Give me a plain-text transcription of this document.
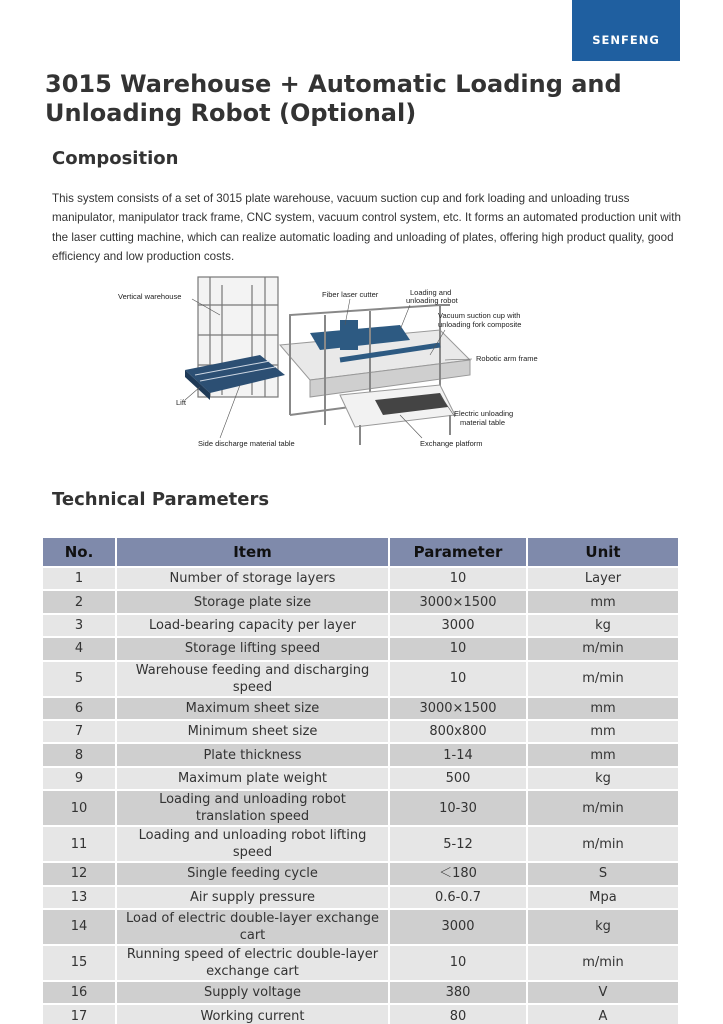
SENFENG
3015 Warehouse + Automatic Loading and Unloading Robot (Optional)
Composition

This system consists of a set of 3015 plate warehouse, vacuum suction cup and fork loading and unloading truss manipulator, manipulator track frame, CNC system, vacuum control system, etc. It forms an automated production unit with the laser cutting machine, which can realize automatic loading and unloading of plates, offering high product quality, good efficiency and low production costs.

Vertical warehouse	Fiber laser cutter	Loading and
unloading robot
Vacuum suction cup with
unloading fork composite
Robotic arm frame
Lift
Electric unloading
material table
Side discharge material table	Exchange platform
Technical Parameters
No.	Item	Parameter	Unit
1	Number of storage layers	10	Layer
2	Storage plate size	3000×1500	mm
3	Load-bearing capacity per layer	3000	kg
4	Storage lifting speed	10	m/min
5	Warehouse feeding and discharging speed	10	m/min
6	Maximum sheet size	3000×1500	mm
7	Minimum sheet size	800x800	mm
8	Plate thickness	1-14	mm
9	Maximum plate weight	500	kg
10	Loading and unloading robot translation speed	10-30	m/min
11	Loading and unloading robot lifting speed	5-12	m/min
12	Single feeding cycle	＜180	S
13	Air supply pressure	0.6-0.7	Mpa
14	Load of electric double-layer exchange cart	3000	kg
15	Running speed of electric double-layer exchange cart	10	m/min
16	Supply voltage	380	V
17	Working current	80	A
